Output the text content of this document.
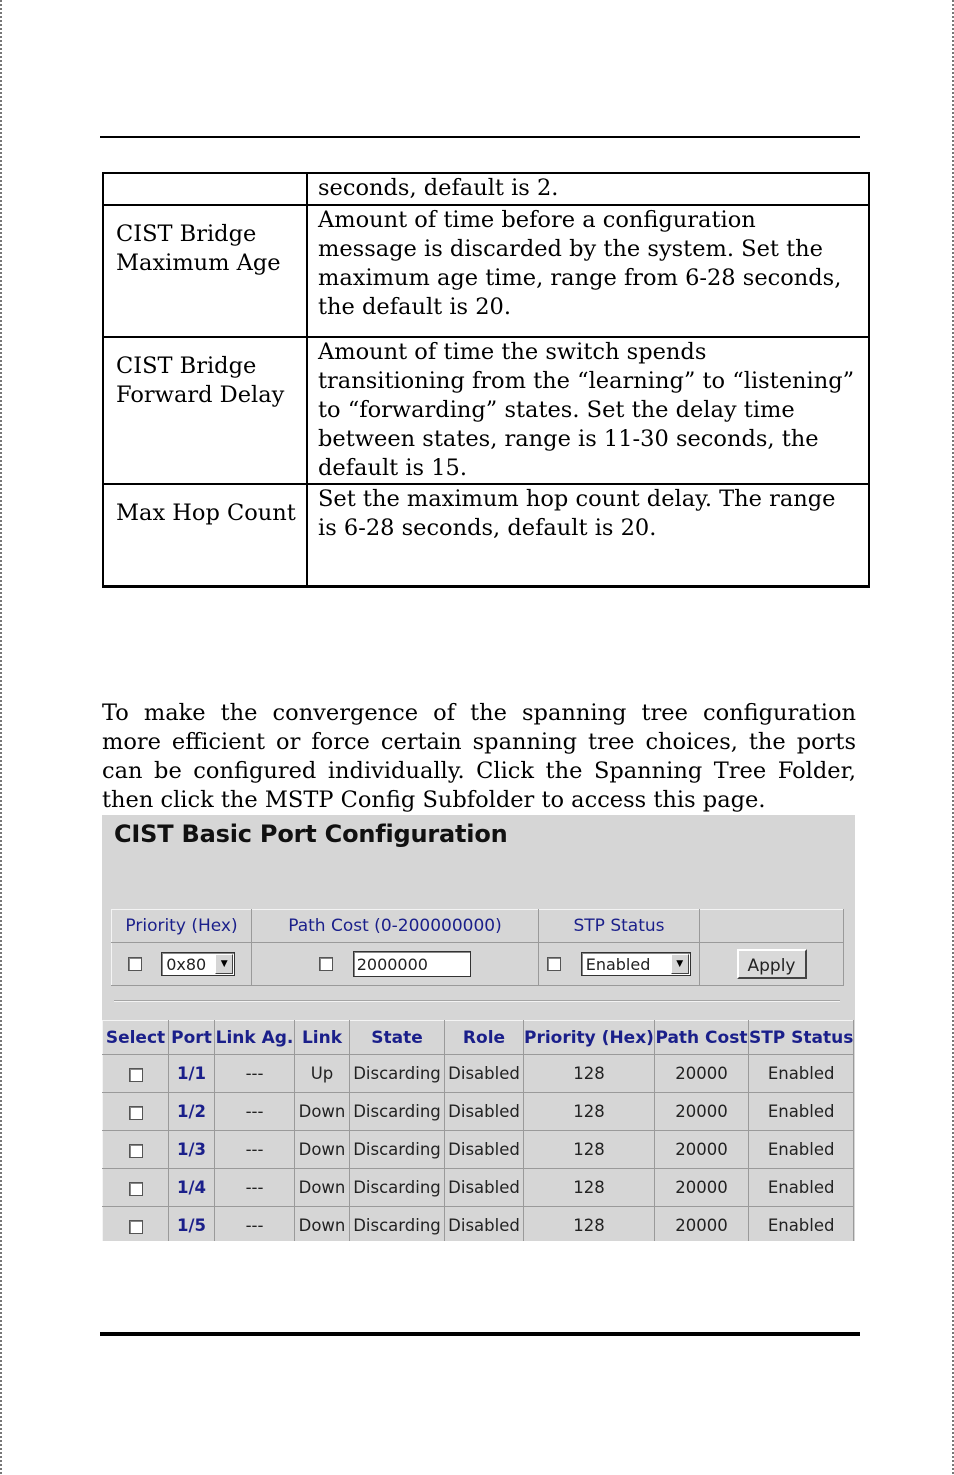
	seconds, default is 2.
CIST Bridge Maximum Age	Amount of time before a configuration message is discarded by the system. Set the maximum age time, range from 6-28 seconds, the default is 20.
CIST Bridge Forward Delay	Amount of time the switch spends transitioning from the “learning” to “listening” to “forwarding” states. Set the delay time between states, range is 11-30 seconds, the default is 15.
Max Hop Count	Set the maximum hop count delay. The range is 6-28 seconds, default is 20.

To make the convergence of the spanning tree configuration more efficient or force certain spanning tree choices, the ports can be configured individually. Click the Spanning Tree Folder, then click the MSTP Config Subfolder to access this page.

CIST Basic Port Configuration
Priority (Hex)	Path Cost (0-200000000)	STP Status	

0x80 ▼	2000000	Enabled ▼	Apply
Select	Port	Link Ag.	Link	State	Role	Priority (Hex)	Path Cost	STP Status
	1/1	---	Up	Discarding	Disabled	128	20000	Enabled
	1/2	---	Down	Discarding	Disabled	128	20000	Enabled
	1/3	---	Down	Discarding	Disabled	128	20000	Enabled
	1/4	---	Down	Discarding	Disabled	128	20000	Enabled
	1/5	---	Down	Discarding	Disabled	128	20000	Enabled
